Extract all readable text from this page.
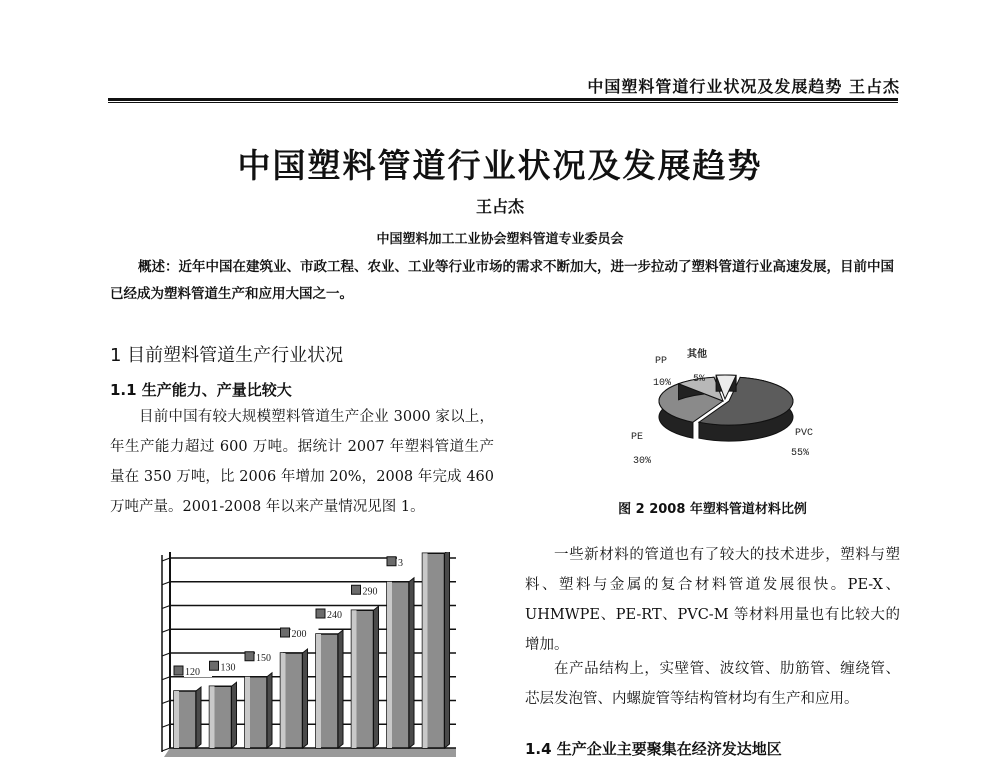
中国塑料管道行业状况及发展趋势 王占杰
中国塑料管道行业状况及发展趋势
王占杰
中国塑料加工工业协会塑料管道专业委员会
概述：近年中国在建筑业、市政工程、农业、工业等行业市场的需求不断加大，进一步拉动了塑料管道行业高速发展，目前中国已经成为塑料管道生产和应用大国之一。
1 目前塑料管道生产行业状况
1.1 生产能力、产量比较大
目前中国有较大规模塑料管道生产企业 3000 家以上，年生产能力超过 600 万吨。据统计 2007 年塑料管道生产量在 350 万吨，比 2006 年增加 20%，2008 年完成 460 万吨产量。2001-2008 年以来产量情况见图 1。
120 130
150
200
240
290
3
PVC
55%
PE
30%
PP
10%
其他
5%
图 2 2008 年塑料管道材料比例
一些新材料的管道也有了较大的技术进步，塑料与塑料、塑料与金属的复合材料管道发展很快。PE-X、UHMWPE、PE-RT、PVC-M 等材料用量也有比较大的增加。
在产品结构上，实壁管、波纹管、肋筋管、缠绕管、芯层发泡管、内螺旋管等结构管材均有生产和应用。
1.4 生产企业主要聚集在经济发达地区
